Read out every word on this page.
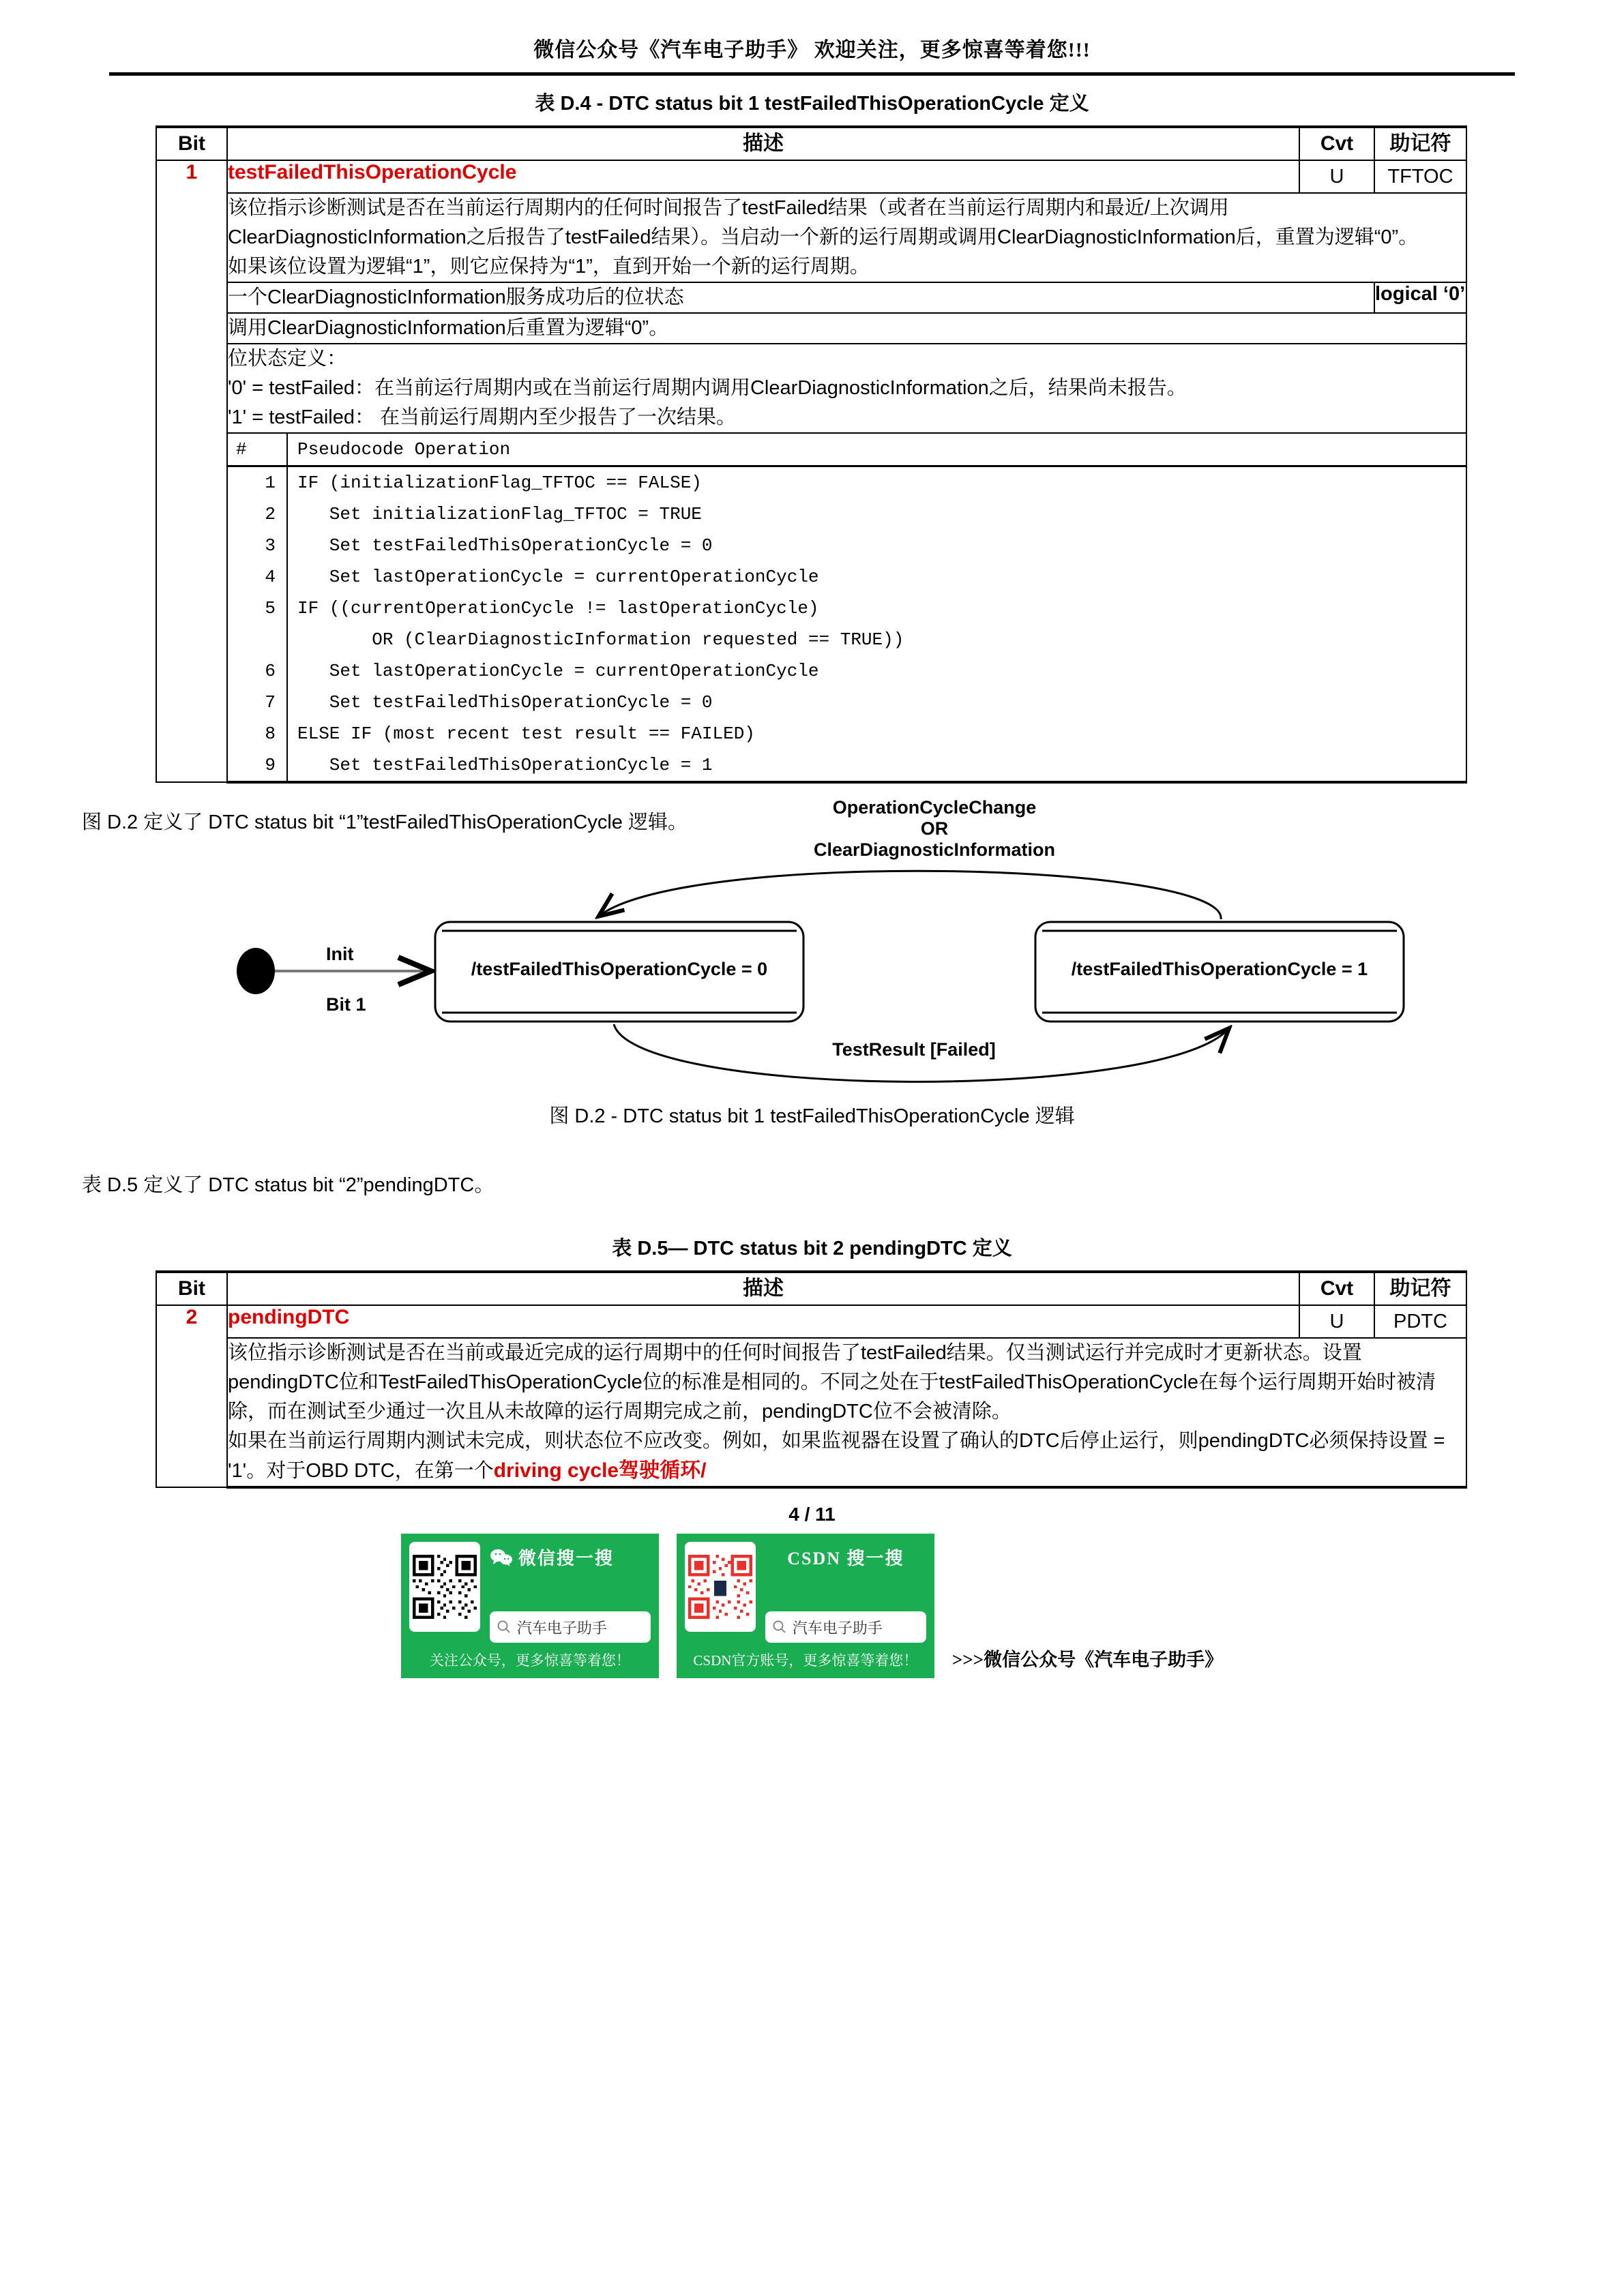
微信公众号《汽车电子助手》 欢迎关注，更多惊喜等着您!!!
表 D.4 - DTC status bit 1 testFailedThisOperationCycle 定义
Bit	描述	Cvt	助记符
1	testFailedThisOperationCycle	U	TFTOC

该位指示诊断测试是否在当前运行周期内的任何时间报告了testFailed结果（或者在当前运行周期内和最近/上次调用ClearDiagnosticInformation之后报告了testFailed结果）。当启动一个新的运行周期或调用ClearDiagnosticInformation后，重置为逻辑“0”。

如果该位设置为逻辑“1”，则它应保持为“1”，直到开始一个新的运行周期。

一个ClearDiagnosticInformation服务成功后的位状态	logical ‘0’

调用ClearDiagnosticInformation后重置为逻辑“0”。

位状态定义：

'0' = testFailed：在当前运行周期内或在当前运行周期内调用ClearDiagnosticInformation之后，结果尚未报告。

'1' = testFailed： 在当前运行周期内至少报告了一次结果。

#	Pseudocode Operation
1	IF (initializationFlag_TFTOC == FALSE)
2	Set initializationFlag_TFTOC = TRUE
3	Set testFailedThisOperationCycle = 0
4	Set lastOperationCycle = currentOperationCycle
5	IF ((currentOperationCycle != lastOperationCycle)
	OR (ClearDiagnosticInformation requested == TRUE))
6	Set lastOperationCycle = currentOperationCycle
7	Set testFailedThisOperationCycle = 0
8	ELSE IF (most recent test result == FAILED)
9	Set testFailedThisOperationCycle = 1

图 D.2 定义了 DTC status bit “1”testFailedThisOperationCycle 逻辑。

OperationCycleChange
OR
ClearDiagnosticInformation
Init
Bit 1
/testFailedThisOperationCycle = 0	/testFailedThisOperationCycle = 1
TestResult [Failed]
图 D.2 - DTC status bit 1 testFailedThisOperationCycle 逻辑

表 D.5 定义了 DTC status bit “2”pendingDTC。

表 D.5— DTC status bit 2 pendingDTC 定义
Bit	描述	Cvt	助记符
2	pendingDTC	U	PDTC

	该位指示诊断测试是否在当前或最近完成的运行周期中的任何时间报告了testFailed结果。仅当测试运行并完成时才更新状态。设置pendingDTC位和TestFailedThisOperationCycle位的标准是相同的。不同之处在于testFailedThisOperationCycle在每个运行周期开始时被清除，而在测试至少通过一次且从未故障的运行周期完成之前，pendingDTC位不会被清除。

如果在当前运行周期内测试未完成，则状态位不应改变。例如，如果监视器在设置了确认的DTC后停止运行，则pendingDTC必须保持设置 = '1'。对于OBD DTC，在第一个driving cycle驾驶循环/		

4 / 11
微信搜一搜
汽车电子助手
关注公众号，更多惊喜等着您！
CSDN 搜一搜
汽车电子助手
CSDN官方账号，更多惊喜等着您！	>>>微信公众号《汽车电子助手》
